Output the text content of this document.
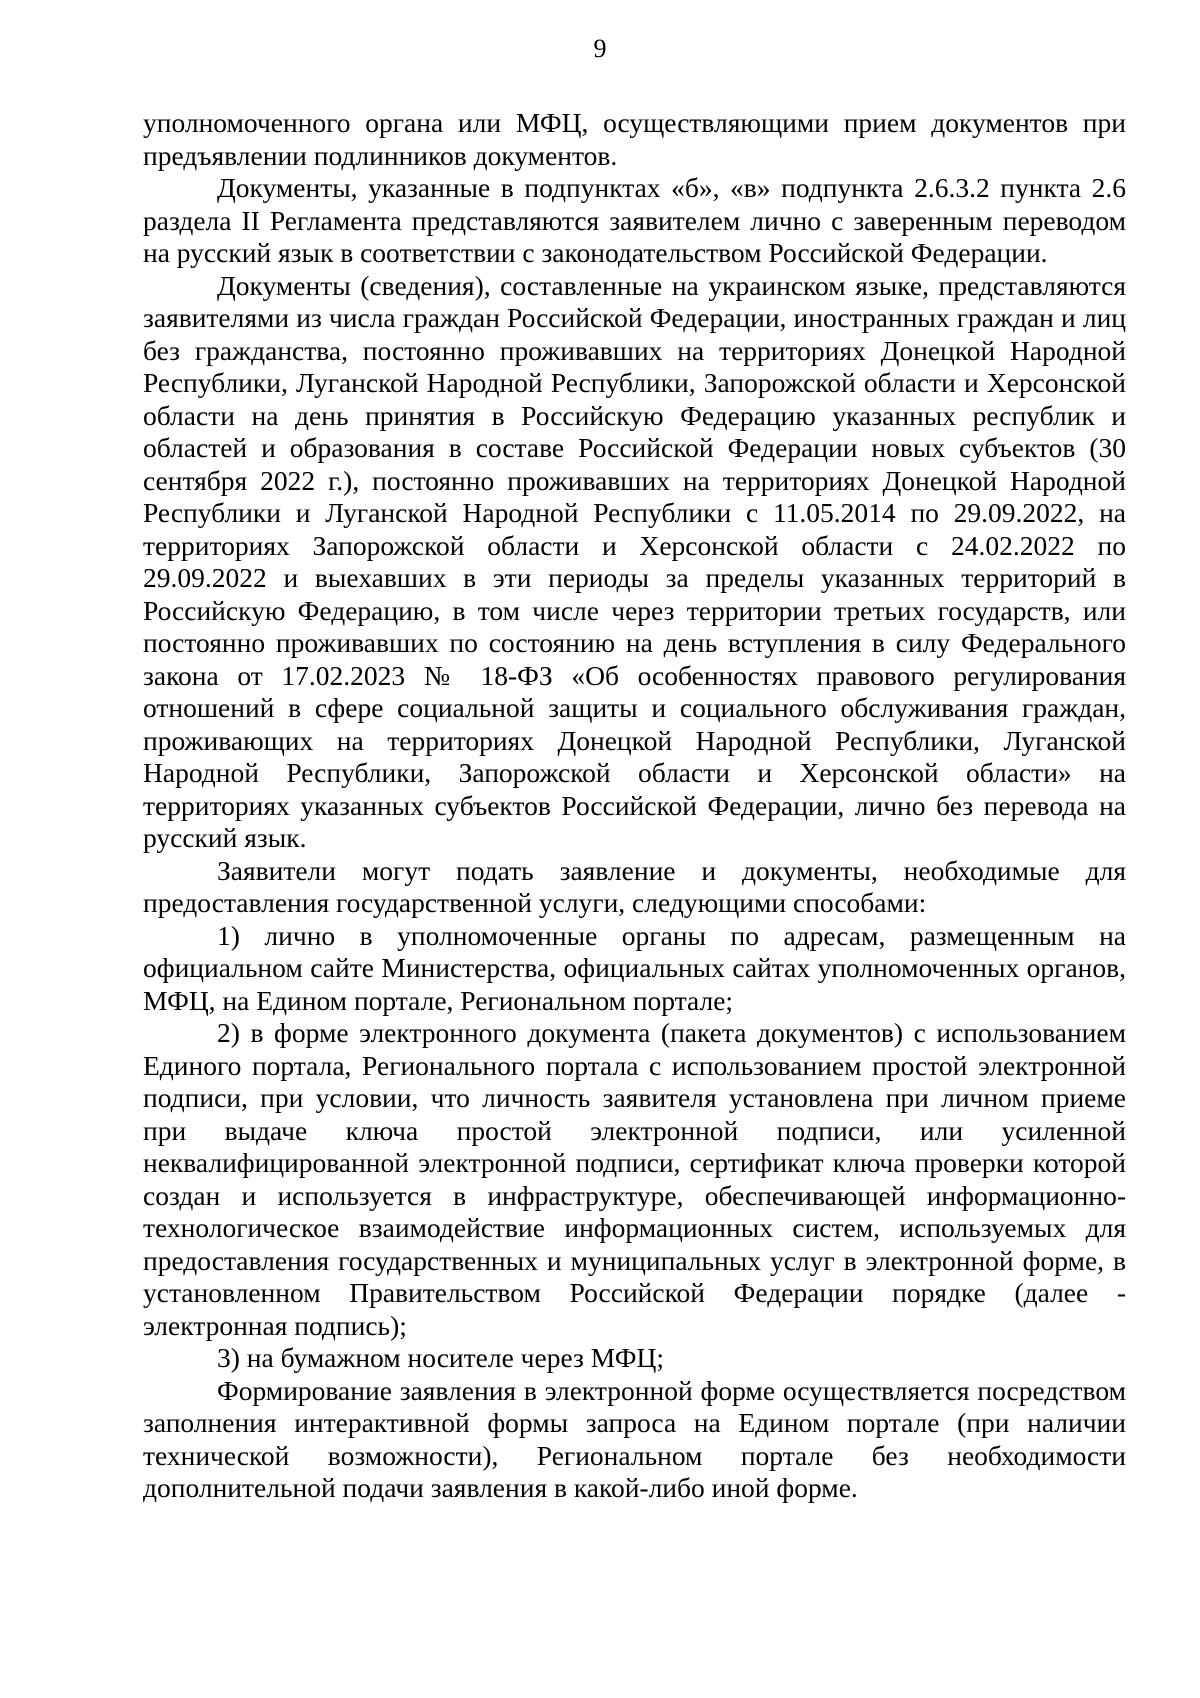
9

уполномоченного органа или МФЦ, осуществляющими прием документов при предъявлении подлинников документов.

Документы, указанные в подпунктах «б», «в» подпункта 2.6.3.2 пункта 2.6 раздела II Регламента представляются заявителем лично с заверенным переводом на русский язык в соответствии с законодательством Российской Федерации.

Документы (сведения), составленные на украинском языке, представляются заявителями из числа граждан Российской Федерации, иностранных граждан и лиц без гражданства, постоянно проживавших на территориях Донецкой Народной Республики, Луганской Народной Республики, Запорожской области и Херсонской области на день принятия в Российскую Федерацию указанных республик и областей и образования в составе Российской Федерации новых субъектов (30 сентября 2022 г.), постоянно проживавших на территориях Донецкой Народной Республики и Луганской Народной Республики с 11.05.2014 по 29.09.2022, на территориях Запорожской области и Херсонской области с 24.02.2022 по 29.09.2022 и выехавших в эти периоды за пределы указанных территорий в Российскую Федерацию, в том числе через территории третьих государств, или постоянно проживавших по состоянию на день вступления в силу Федерального закона от 17.02.2023 № 18-ФЗ «Об особенностях правового регулирования отношений в сфере социальной защиты и социального обслуживания граждан, проживающих на территориях Донецкой Народной Республики, Луганской Народной Республики, Запорожской области и Херсонской области» на территориях указанных субъектов Российской Федерации, лично без перевода на русский язык.

Заявители могут подать заявление и документы, необходимые для предоставления государственной услуги, следующими способами:

1) лично в уполномоченные органы по адресам, размещенным на официальном сайте Министерства, официальных сайтах уполномоченных органов, МФЦ, на Едином портале, Региональном портале;

2) в форме электронного документа (пакета документов) с использованием Единого портала, Регионального портала с использованием простой электронной подписи, при условии, что личность заявителя установлена при личном приеме при выдаче ключа простой электронной подписи, или усиленной неквалифицированной электронной подписи, сертификат ключа проверки которой создан и используется в инфраструктуре, обеспечивающей информационно-технологическое взаимодействие информационных систем, используемых для предоставления государственных и муниципальных услуг в электронной форме, в установленном Правительством Российской Федерации порядке (далее - электронная подпись);

3) на бумажном носителе через МФЦ;

Формирование заявления в электронной форме осуществляется посредством заполнения интерактивной формы запроса на Едином портале (при наличии технической возможности), Региональном портале без необходимости дополнительной подачи заявления в какой-либо иной форме.
